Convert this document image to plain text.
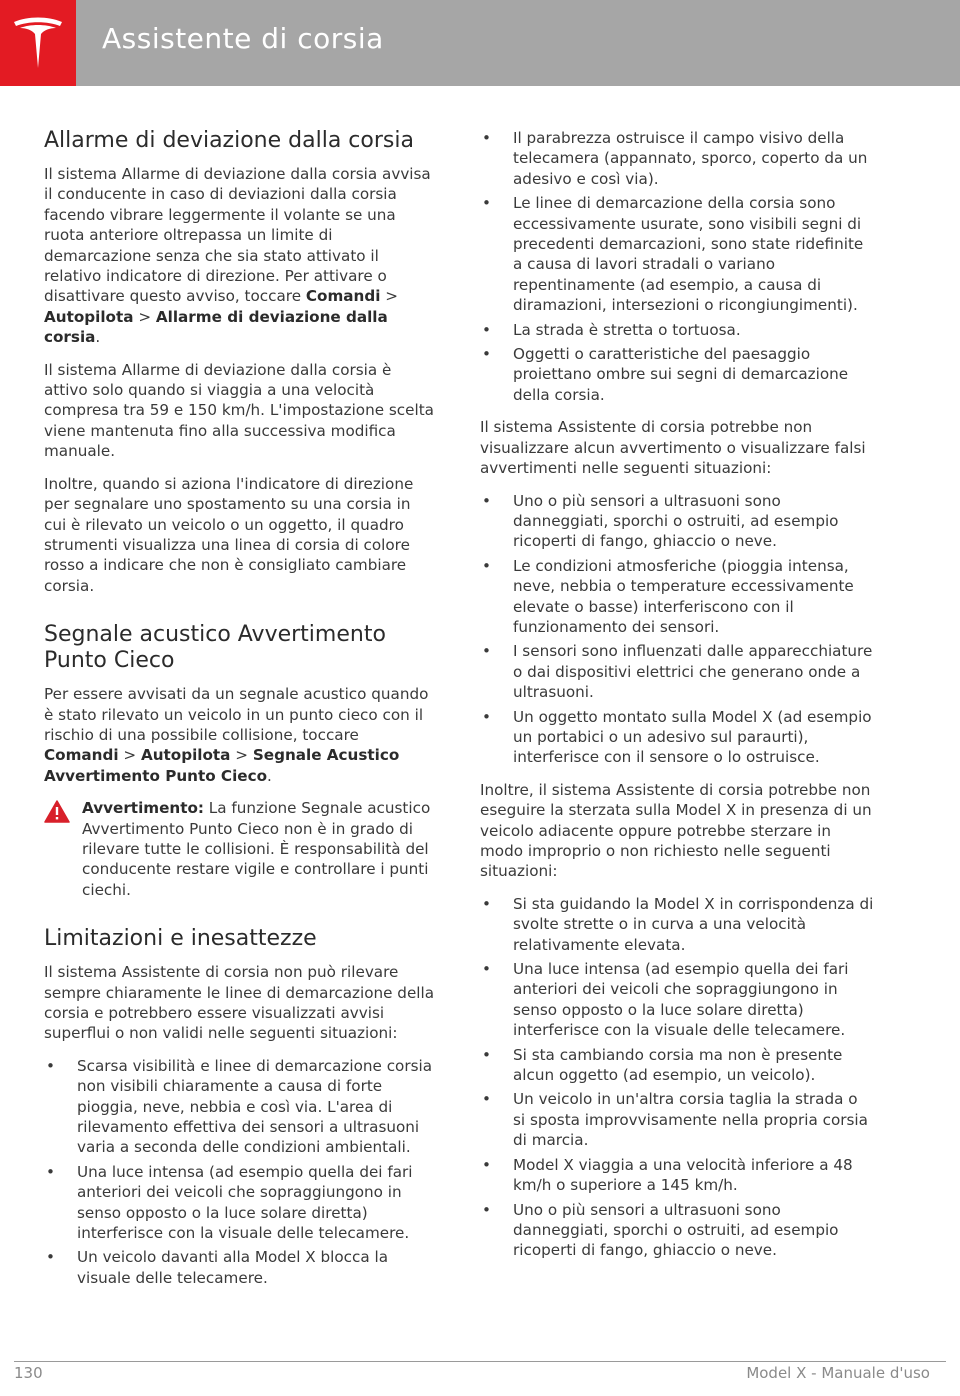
Assistente di corsia
Allarme di deviazione dalla corsia

Il sistema Allarme di deviazione dalla corsia avvisa il conducente in caso di deviazioni dalla corsia facendo vibrare leggermente il volante se una ruota anteriore oltrepassa un limite di demarcazione senza che sia stato attivato il relativo indicatore di direzione. Per attivare o disattivare questo avviso, toccare Comandi > Autopilota > Allarme di deviazione dalla corsia.

Il sistema Allarme di deviazione dalla corsia è attivo solo quando si viaggia a una velocità compresa tra 59 e 150 km/h. L'impostazione scelta viene mantenuta fino alla successiva modifica manuale.

Inoltre, quando si aziona l'indicatore di direzione per segnalare uno spostamento su una corsia in cui è rilevato un veicolo o un oggetto, il quadro strumenti visualizza una linea di corsia di colore rosso a indicare che non è consigliato cambiare corsia.

Segnale acustico Avvertimento Punto Cieco

Per essere avvisati da un segnale acustico quando è stato rilevato un veicolo in un punto cieco con il rischio di una possibile collisione, toccare Comandi > Autopilota > Segnale Acustico Avvertimento Punto Cieco.

Avvertimento: La funzione Segnale acustico Avvertimento Punto Cieco non è in grado di rilevare tutte le collisioni. È responsabilità del conducente restare vigile e controllare i punti ciechi.

Limitazioni e inesattezze

Il sistema Assistente di corsia non può rilevare sempre chiaramente le linee di demarcazione della corsia e potrebbero essere visualizzati avvisi superflui o non validi nelle seguenti situazioni:

• Scarsa visibilità e linee di demarcazione corsia non visibili chiaramente a causa di forte pioggia, neve, nebbia e così via. L'area di rilevamento effettiva dei sensori a ultrasuoni varia a seconda delle condizioni ambientali.
• Una luce intensa (ad esempio quella dei fari anteriori dei veicoli che sopraggiungono in senso opposto o la luce solare diretta) interferisce con la visuale delle telecamere.
• Un veicolo davanti alla Model X blocca la visuale delle telecamere.
• Il parabrezza ostruisce il campo visivo della telecamera (appannato, sporco, coperto da un adesivo e così via).
• Le linee di demarcazione della corsia sono eccessivamente usurate, sono visibili segni di precedenti demarcazioni, sono state ridefinite a causa di lavori stradali o variano repentinamente (ad esempio, a causa di diramazioni, intersezioni o ricongiungimenti).
• La strada è stretta o tortuosa.
• Oggetti o caratteristiche del paesaggio proiettano ombre sui segni di demarcazione della corsia.

Il sistema Assistente di corsia potrebbe non visualizzare alcun avvertimento o visualizzare falsi avvertimenti nelle seguenti situazioni:

• Uno o più sensori a ultrasuoni sono danneggiati, sporchi o ostruiti, ad esempio ricoperti di fango, ghiaccio o neve.
• Le condizioni atmosferiche (pioggia intensa, neve, nebbia o temperature eccessivamente elevate o basse) interferiscono con il funzionamento dei sensori.
• I sensori sono influenzati dalle apparecchiature o dai dispositivi elettrici che generano onde a ultrasuoni.
• Un oggetto montato sulla Model X (ad esempio un portabici o un adesivo sul paraurti), interferisce con il sensore o lo ostruisce.

Inoltre, il sistema Assistente di corsia potrebbe non eseguire la sterzata sulla Model X in presenza di un veicolo adiacente oppure potrebbe sterzare in modo improprio o non richiesto nelle seguenti situazioni:

• Si sta guidando la Model X in corrispondenza di svolte strette o in curva a una velocità relativamente elevata.
• Una luce intensa (ad esempio quella dei fari anteriori dei veicoli che sopraggiungono in senso opposto o la luce solare diretta) interferisce con la visuale delle telecamere.
• Si sta cambiando corsia ma non è presente alcun oggetto (ad esempio, un veicolo).
• Un veicolo in un'altra corsia taglia la strada o si sposta improvvisamente nella propria corsia di marcia.
• Model X viaggia a una velocità inferiore a 48 km/h o superiore a 145 km/h.
• Uno o più sensori a ultrasuoni sono danneggiati, sporchi o ostruiti, ad esempio ricoperti di fango, ghiaccio o neve.
130	Model X - Manuale d'uso
